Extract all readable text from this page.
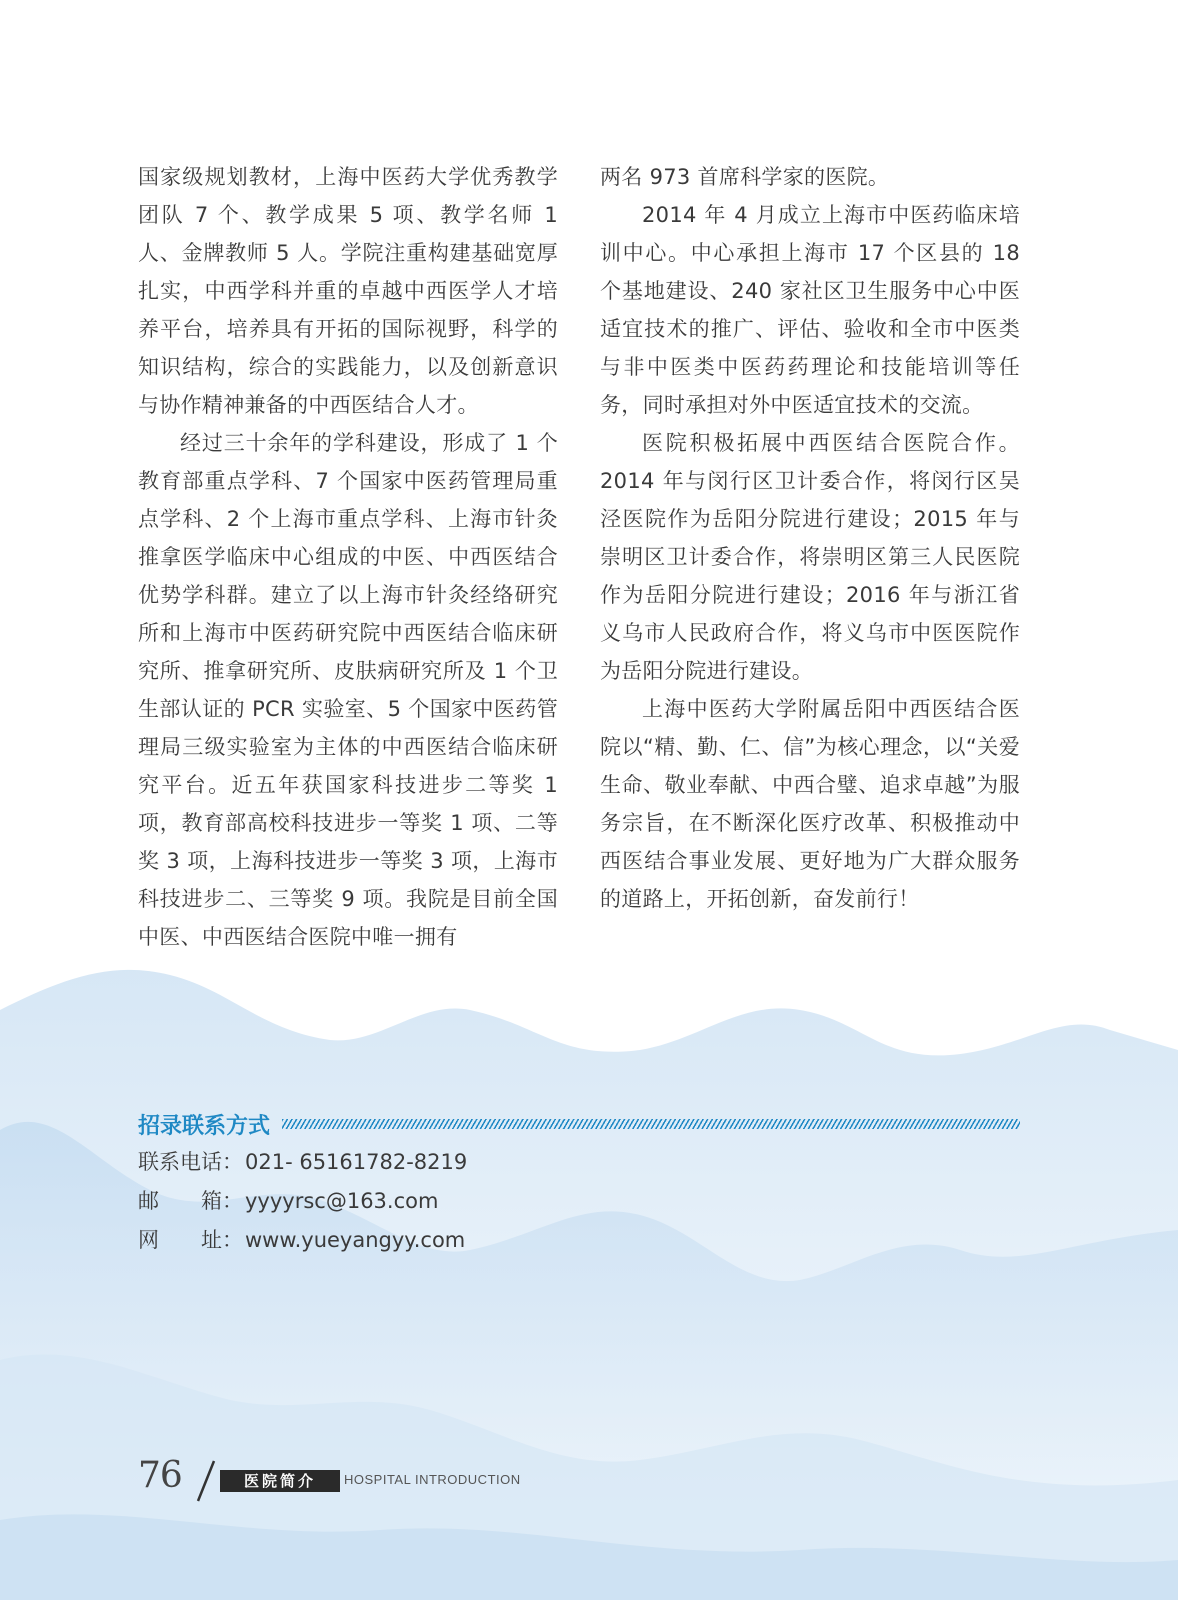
国家级规划教材，上海中医药大学优秀教学团队 7 个、教学成果 5 项、教学名师 1 人、金牌教师 5 人。学院注重构建基础宽厚扎实，中西学科并重的卓越中西医学人才培养平台，培养具有开拓的国际视野，科学的知识结构，综合的实践能力，以及创新意识与协作精神兼备的中西医结合人才。

经过三十余年的学科建设，形成了 1 个教育部重点学科、7 个国家中医药管理局重点学科、2 个上海市重点学科、上海市针灸推拿医学临床中心组成的中医、中西医结合优势学科群。建立了以上海市针灸经络研究所和上海市中医药研究院中西医结合临床研究所、推拿研究所、皮肤病研究所及 1 个卫生部认证的 PCR 实验室、5 个国家中医药管理局三级实验室为主体的中西医结合临床研究平台。近五年获国家科技进步二等奖 1 项，教育部高校科技进步一等奖 1 项、二等奖 3 项，上海科技进步一等奖 3 项，上海市科技进步二、三等奖 9 项。我院是目前全国中医、中西医结合医院中唯一拥有

两名 973 首席科学家的医院。

2014 年 4 月成立上海市中医药临床培训中心。中心承担上海市 17 个区县的 18 个基地建设、240 家社区卫生服务中心中医适宜技术的推广、评估、验收和全市中医类与非中医类中医药药理论和技能培训等任务，同时承担对外中医适宜技术的交流。

医院积极拓展中西医结合医院合作。2014 年与闵行区卫计委合作，将闵行区吴泾医院作为岳阳分院进行建设；2015 年与崇明区卫计委合作，将崇明区第三人民医院作为岳阳分院进行建设；2016 年与浙江省义乌市人民政府合作，将义乌市中医医院作为岳阳分院进行建设。

上海中医药大学附属岳阳中西医结合医院以“精、勤、仁、信”为核心理念，以“关爱生命、敬业奉献、中西合璧、追求卓越”为服务宗旨，在不断深化医疗改革、积极推动中西医结合事业发展、更好地为广大群众服务的道路上，开拓创新，奋发前行！

招录联系方式
联系电话： 021- 65161782-8219
邮　　箱： yyyyrsc@163.com
网　　址： www.yueyangyy.com
76	医院简介	HOSPITAL INTRODUCTION
